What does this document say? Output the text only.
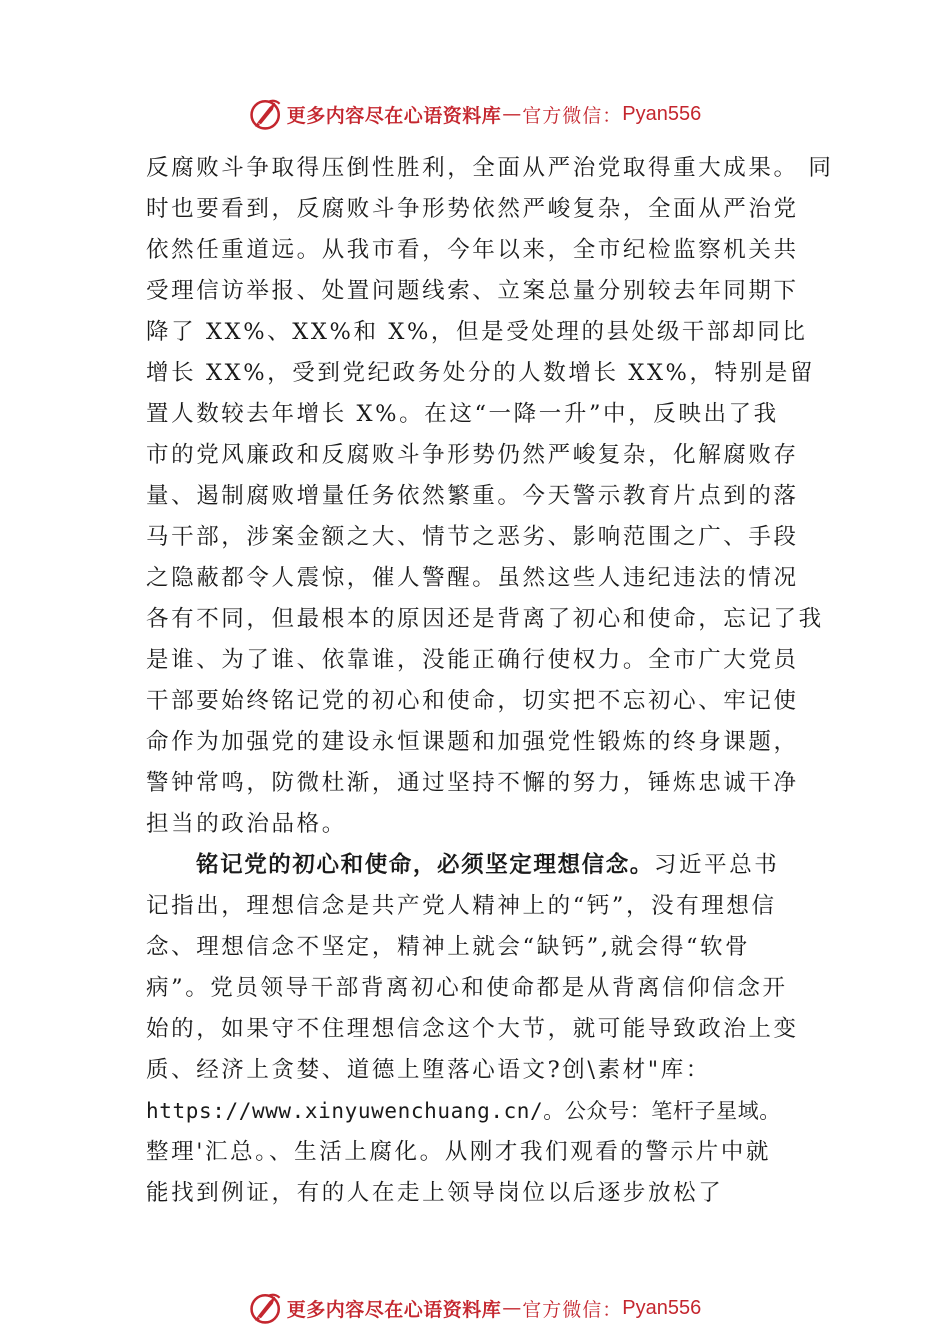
更多内容尽在心语资料库 — 官方微信： Pyan556
反腐败斗争取得压倒性胜利，全面从严治党取得重大成果。 同
时也要看到，反腐败斗争形势依然严峻复杂，全面从严治党
依然任重道远。从我市看，今年以来，全市纪检监察机关共
受理信访举报、处置问题线索、立案总量分别较去年同期下
降了 XX%、XX%和 X%，但是受处理的县处级干部却同比
增长 XX%，受到党纪政务处分的人数增长 XX%，特别是留
置人数较去年增长 X%。在这“一降一升”中，反映出了我
市的党风廉政和反腐败斗争形势仍然严峻复杂，化解腐败存
量、遏制腐败增量任务依然繁重。今天警示教育片点到的落
马干部，涉案金额之大、情节之恶劣、影响范围之广、手段
之隐蔽都令人震惊，催人警醒。虽然这些人违纪违法的情况
各有不同，但最根本的原因还是背离了初心和使命，忘记了我
是谁、为了谁、依靠谁，没能正确行使权力。全市广大党员
干部要始终铭记党的初心和使命，切实把不忘初心、牢记使
命作为加强党的建设永恒课题和加强党性锻炼的终身课题，
警钟常鸣，防微杜渐，通过坚持不懈的努力，锤炼忠诚干净
担当的政治品格。
铭记党的初心和使命，必须坚定理想信念。习近平总书
记指出，理想信念是共产党人精神上的“钙”，没有理想信
念、理想信念不坚定，精神上就会“缺钙”,就会得“软骨
病”。党员领导干部背离初心和使命都是从背离信仰信念开
始的，如果守不住理想信念这个大节，就可能导致政治上变
质、经济上贪婪、道德上堕落心语文?创\素材"库：
https://www.xinyuwenchuang.cn/。公众号：笔杆子星域。
整理'汇总。、生活上腐化。从刚才我们观看的警示片中就
能找到例证，有的人在走上领导岗位以后逐步放松了
更多内容尽在心语资料库 — 官方微信： Pyan556
